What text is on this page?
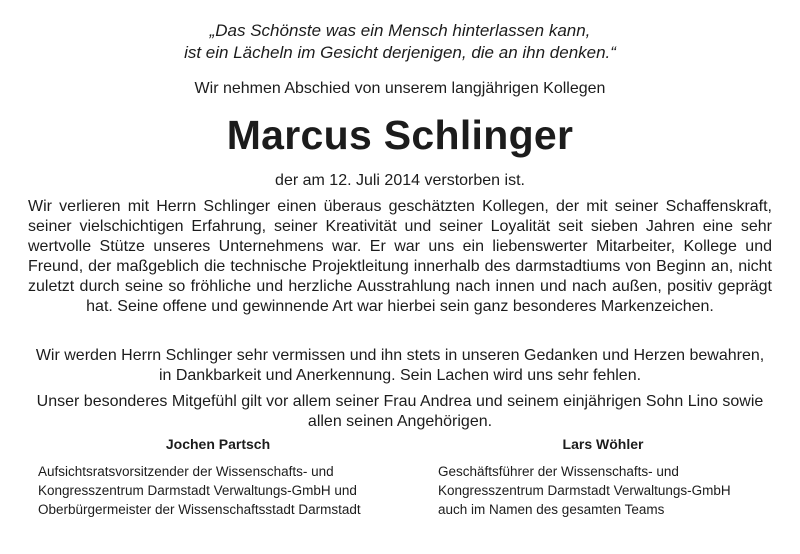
„Das Schönste was ein Mensch hinterlassen kann,
ist ein Lächeln im Gesicht derjenigen, die an ihn denken.“
Wir nehmen Abschied von unserem langjährigen Kollegen
Marcus Schlinger
der am 12. Juli 2014 verstorben ist.

Wir verlieren mit Herrn Schlinger einen überaus geschätzten Kollegen, der mit seiner Schaffenskraft, seiner vielschichtigen Erfahrung, seiner Kreativität und seiner Loyalität seit sieben Jahren eine sehr wertvolle Stütze unseres Unternehmens war. Er war uns ein liebenswerter Mitarbeiter, Kollege und Freund, der maßgeblich die technische Projektleitung innerhalb des darmstadtiums von Beginn an, nicht zuletzt durch seine so fröhliche und herzliche Ausstrahlung nach innen und nach außen, positiv geprägt hat. Seine offene und gewinnende Art war hierbei sein ganz besonderes Markenzeichen.

Wir werden Herrn Schlinger sehr vermissen und ihn stets in unseren Gedanken und Herzen bewahren, in Dankbarkeit und Anerkennung. Sein Lachen wird uns sehr fehlen.

Unser besonderes Mitgefühl gilt vor allem seiner Frau Andrea und seinem einjährigen Sohn Lino sowie allen seinen Angehörigen.

Jochen Partsch
Aufsichtsratsvorsitzender der Wissenschafts- und
Kongresszentrum Darmstadt Verwaltungs-GmbH und
Oberbürgermeister der Wissenschaftsstadt Darmstadt
Lars Wöhler
Geschäftsführer der Wissenschafts- und
Kongresszentrum Darmstadt Verwaltungs-GmbH
auch im Namen des gesamten Teams
